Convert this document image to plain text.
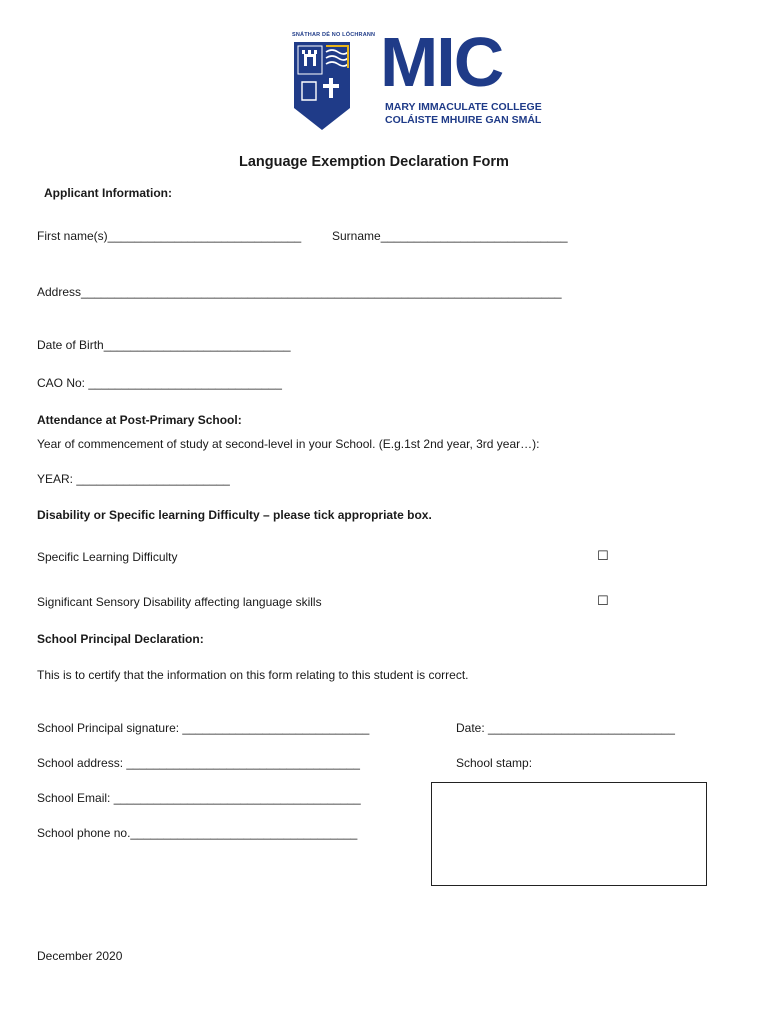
SNÁTHAR DÉ NO LÓCHRANN MIC
MARY IMMACULATE COLLEGE
COLÁISTE MHUIRE GAN SMÁL
Language Exemption Declaration Form
Applicant Information:
First name(s)_____________________________	Surname____________________________
Address________________________________________________________________________
Date of Birth____________________________
CAO No: _____________________________
Attendance at Post-Primary School:
Year of commencement of study at second-level in your School. (E.g.1st 2nd year, 3rd year…):
YEAR: _______________________
Disability or Specific learning Difficulty – please tick appropriate box.
Specific Learning Difficulty	☐
Significant Sensory Disability affecting language skills	☐
School Principal Declaration:
This is to certify that the information on this form relating to this student is correct.
School Principal signature: ____________________________	Date: ____________________________
School address: ___________________________________	School stamp:
School Email: _____________________________________
School phone no.__________________________________
December 2020
